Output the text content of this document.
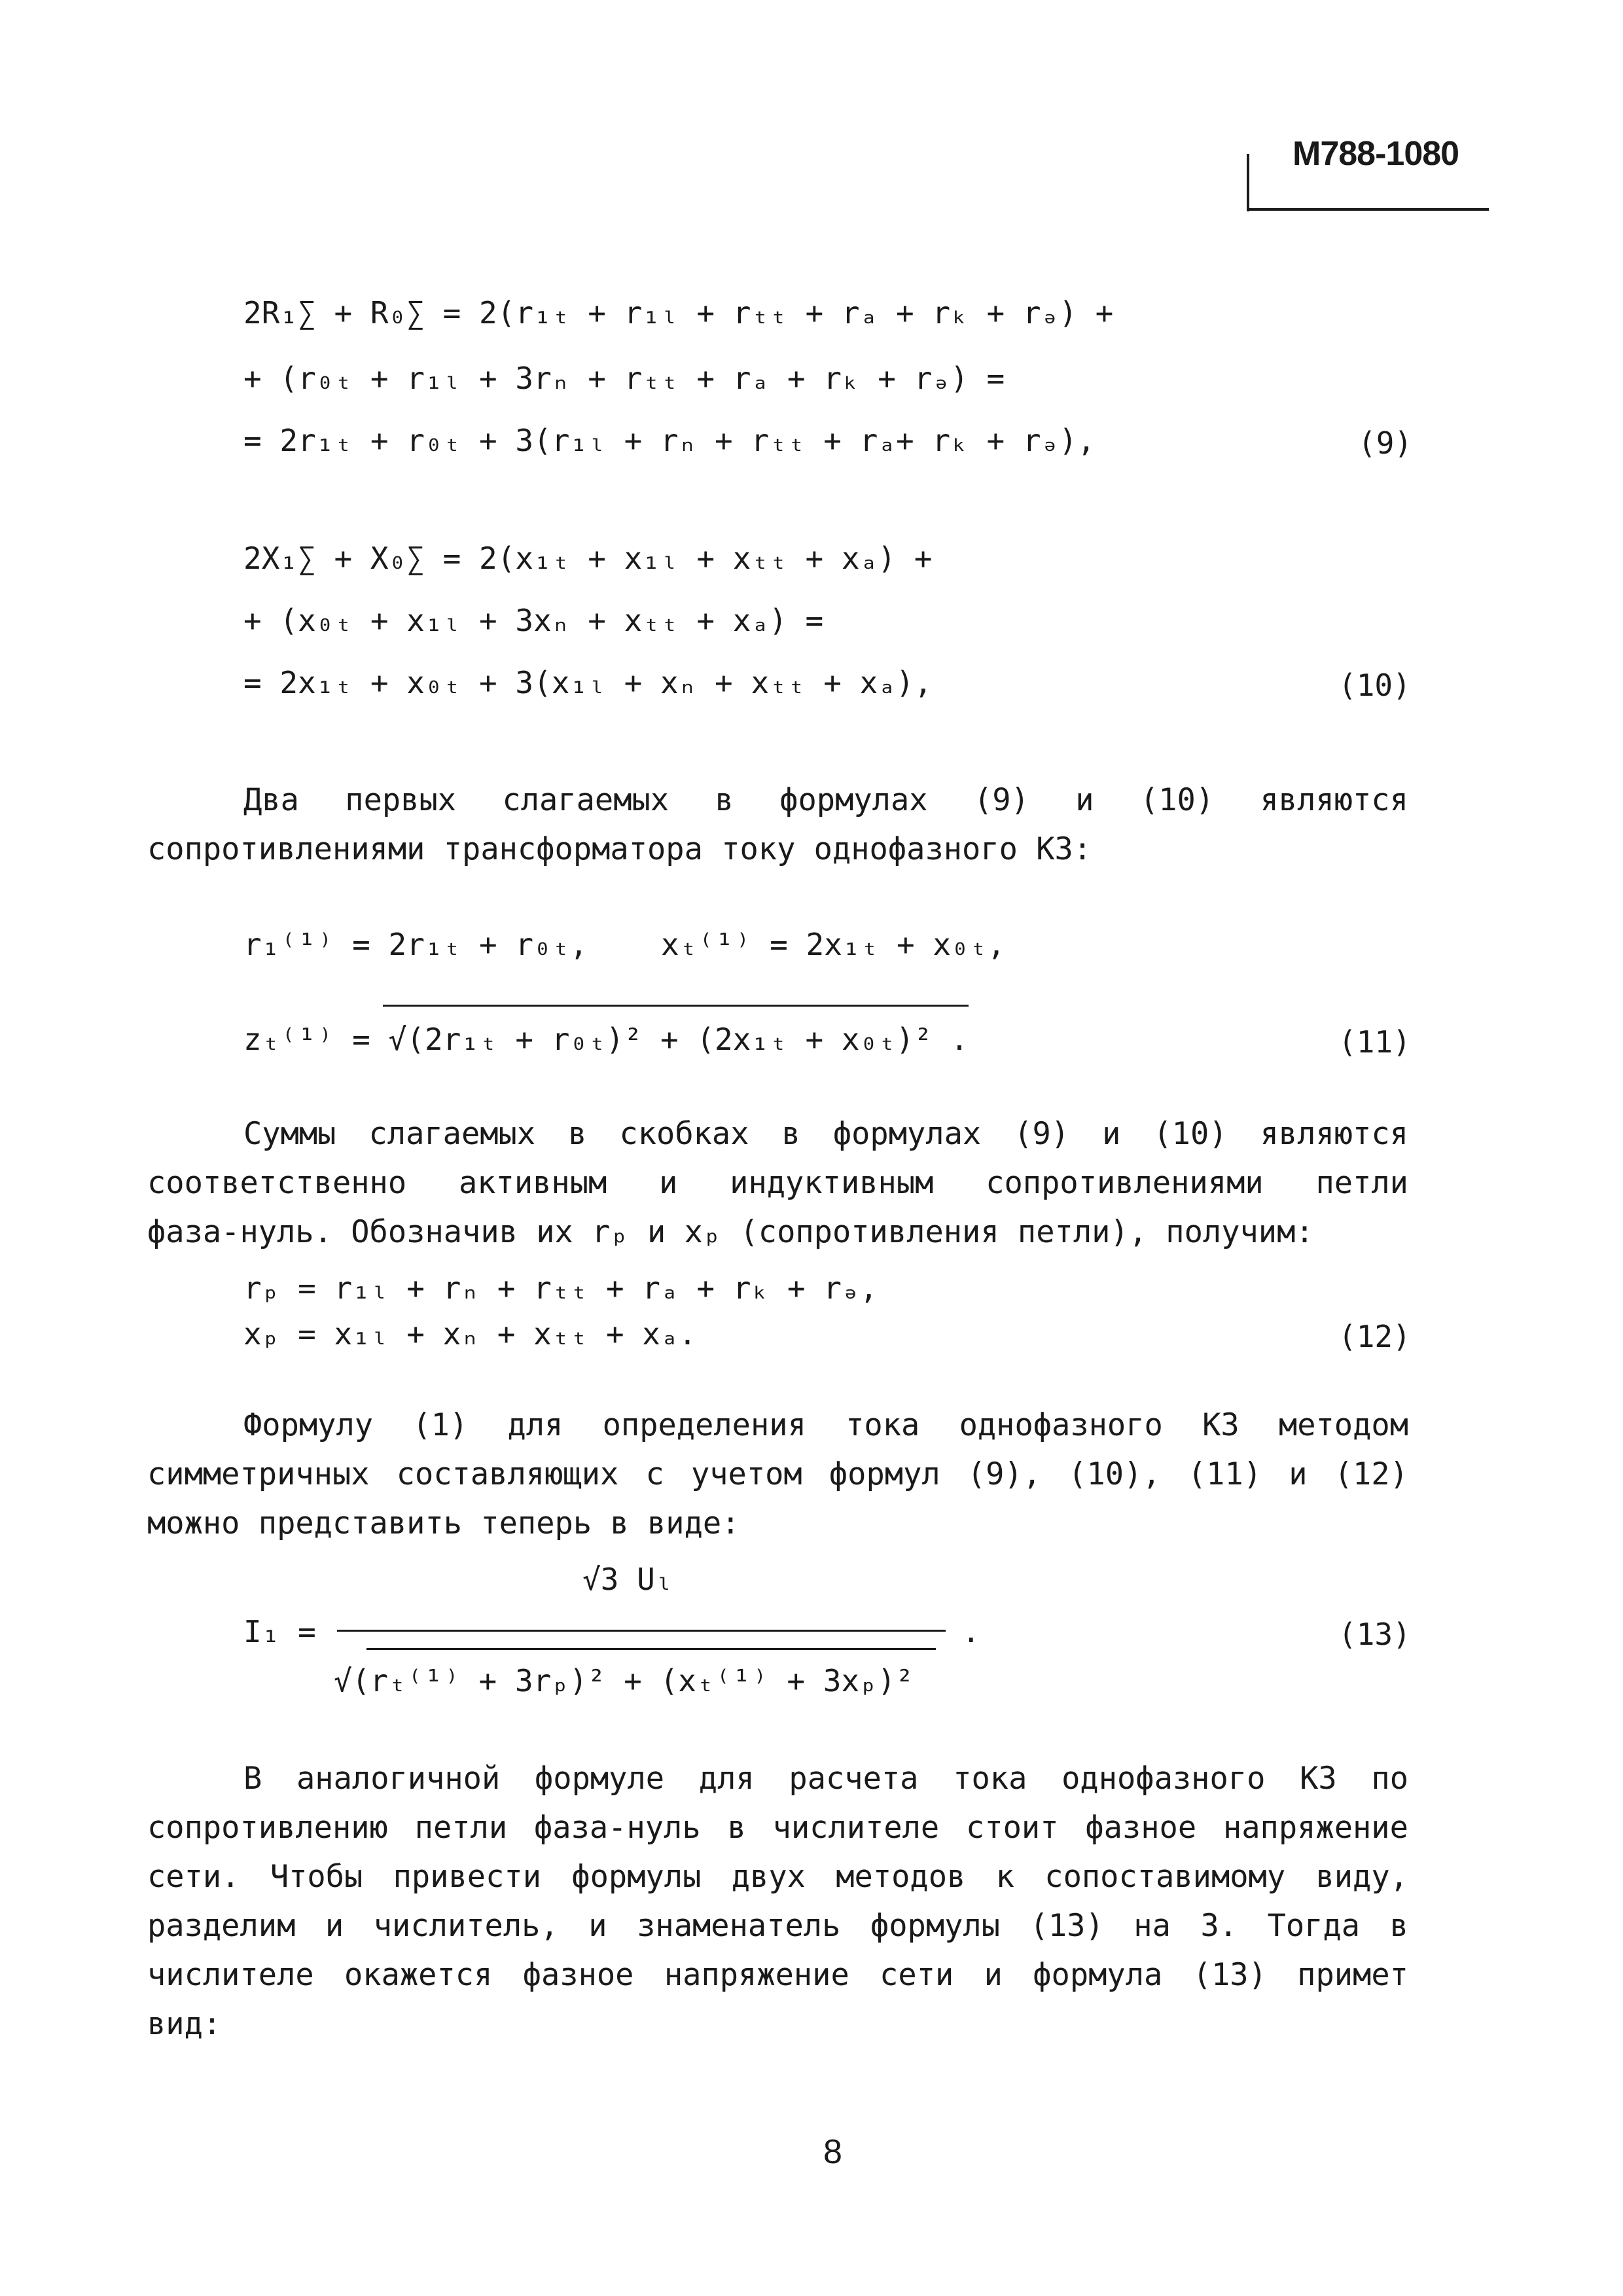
М788-1080
2R₁∑ + R₀∑ = 2(r₁ₜ + r₁ₗ + rₜₜ + rₐ + rₖ + rₔ) +
+ (r₀ₜ + r₁ₗ + 3rₙ + rₜₜ + rₐ + rₖ + rₔ) =
= 2r₁ₜ + r₀ₜ + 3(r₁ₗ + rₙ + rₜₜ + rₐ+ rₖ + rₔ),	(9)
2X₁∑ + X₀∑ = 2(x₁ₜ + x₁ₗ + xₜₜ + xₐ) +
+ (x₀ₜ + x₁ₗ + 3xₙ + xₜₜ + xₐ) =
= 2x₁ₜ + x₀ₜ + 3(x₁ₗ + xₙ + xₜₜ + xₐ),	(10)
Два первых слагаемых в формулах (9) и (10) являются
сопротивлениями трансформатора току однофазного КЗ:
r₁⁽¹⁾ = 2r₁ₜ + r₀ₜ, xₜ⁽¹⁾ = 2x₁ₜ + x₀ₜ,
zₜ⁽¹⁾ = √(2r₁ₜ + r₀ₜ)² + (2x₁ₜ + x₀ₜ)² .	(11)
Суммы слагаемых в скобках в формулах (9) и (10) являются
соответственно активным и индуктивным сопротивлениями петли
фаза-нуль. Обозначив их rₚ и xₚ (сопротивления петли), получим:
rₚ = r₁ₗ + rₙ + rₜₜ + rₐ + rₖ + rₔ,
xₚ = x₁ₗ + xₙ + xₜₜ + xₐ.	(12)
Формулу (1) для определения тока однофазного КЗ методом
симметричных составляющих с учетом формул (9), (10), (11) и (12)
можно представить теперь в виде:
√3 Uₗ
I₁ =	.
√(rₜ⁽¹⁾ + 3rₚ)² + (xₜ⁽¹⁾ + 3xₚ)²
(13)
В аналогичной формуле для расчета тока однофазного КЗ по
сопротивлению петли фаза-нуль в числителе стоит фазное напряжение
сети. Чтобы привести формулы двух методов к сопоставимому виду,
разделим и числитель, и знаменатель формулы (13) на 3. Тогда в
числителе окажется фазное напряжение сети и формула (13) примет
вид:
8
